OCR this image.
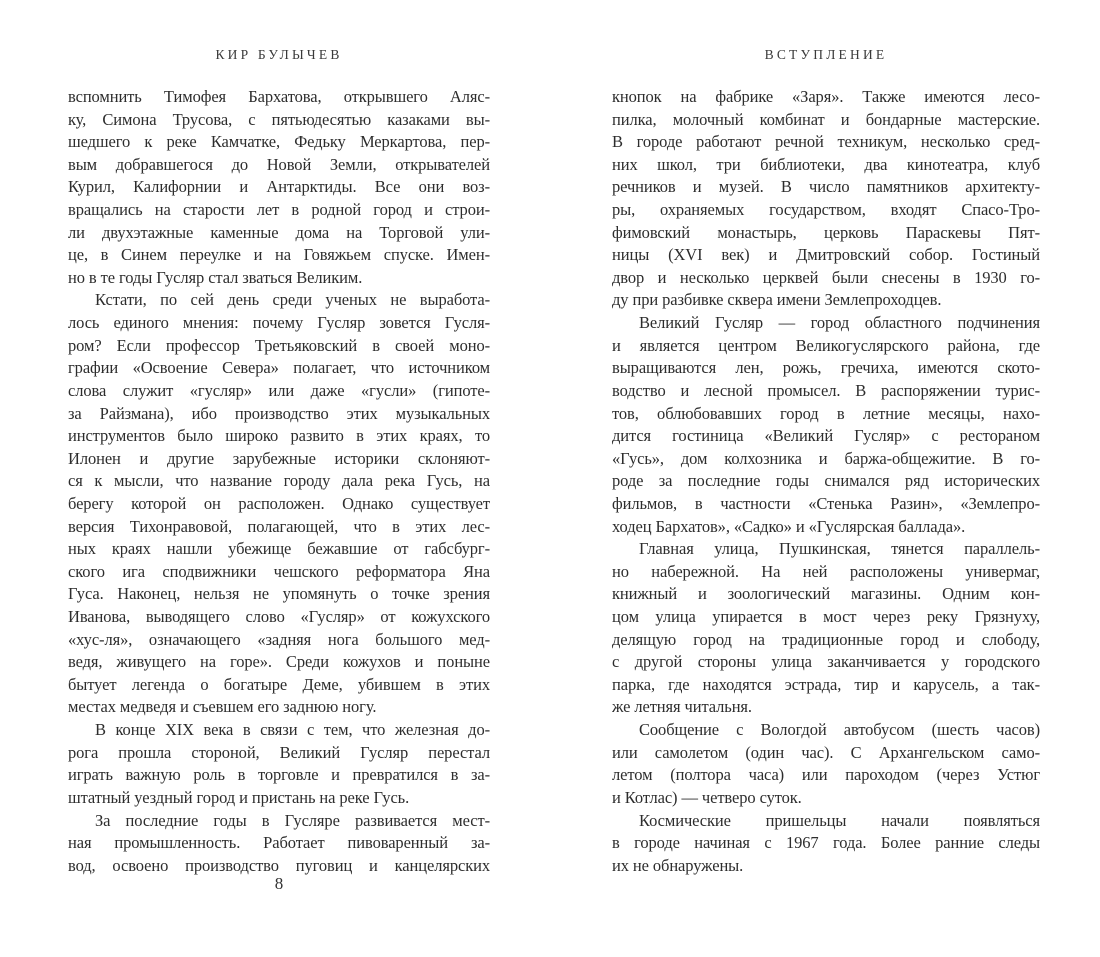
КИР БУЛЫЧЕВ
вспомнить Тимофея Бархатова, открывшего Аляс-
ку, Симона Трусова, с пятьюдесятью казаками вы-
шедшего к реке Камчатке, Федьку Меркартова, пер-
вым добравшегося до Новой Земли, открывателей
Курил, Калифорнии и Антарктиды. Все они воз-
вращались на старости лет в родной город и строи-
ли двухэтажные каменные дома на Торговой ули-
це, в Синем переулке и на Говяжьем спуске. Имен-
но в те годы Гусляр стал зваться Великим.
Кстати, по сей день среди ученых не выработа-
лось единого мнения: почему Гусляр зовется Гусля-
ром? Если профессор Третьяковский в своей моно-
графии «Освоение Севера» полагает, что источником
слова служит «гусляр» или даже «гусли» (гипоте-
за Райзмана), ибо производство этих музыкальных
инструментов было широко развито в этих краях, то
Илонен и другие зарубежные историки склоняют-
ся к мысли, что название городу дала река Гусь, на
берегу которой он расположен. Однако существует
версия Тихонравовой, полагающей, что в этих лес-
ных краях нашли убежище бежавшие от габсбург-
ского ига сподвижники чешского реформатора Яна
Гуса. Наконец, нельзя не упомянуть о точке зрения
Иванова, выводящего слово «Гусляр» от кожухского
«хус-ля», означающего «задняя нога большого мед-
ведя, живущего на горе». Среди кожухов и поныне
бытует легенда о богатыре Деме, убившем в этих
местах медведя и съевшем его заднюю ногу.
В конце XIX века в связи с тем, что железная до-
рога прошла стороной, Великий Гусляр перестал
играть важную роль в торговле и превратился в за-
штатный уездный город и пристань на реке Гусь.
За последние годы в Гусляре развивается мест-
ная промышленность. Работает пивоваренный за-
вод, освоено производство пуговиц и канцелярских
8
ВСТУПЛЕНИЕ
кнопок на фабрике «Заря». Также имеются лесо-
пилка, молочный комбинат и бондарные мастерские.
В городе работают речной техникум, несколько сред-
них школ, три библиотеки, два кинотеатра, клуб
речников и музей. В число памятников архитекту-
ры, охраняемых государством, входят Спасо-Тро-
фимовский монастырь, церковь Параскевы Пят-
ницы (XVI век) и Дмитровский собор. Гостиный
двор и несколько церквей были снесены в 1930 го-
ду при разбивке сквера имени Землепроходцев.
Великий Гусляр — город областного подчинения
и является центром Великогуслярского района, где
выращиваются лен, рожь, гречиха, имеются ското-
водство и лесной промысел. В распоряжении турис-
тов, облюбовавших город в летние месяцы, нахо-
дится гостиница «Великий Гусляр» с рестораном
«Гусь», дом колхозника и баржа-общежитие. В го-
роде за последние годы снимался ряд исторических
фильмов, в частности «Стенька Разин», «Землепро-
ходец Бархатов», «Садко» и «Гуслярская баллада».
Главная улица, Пушкинская, тянется параллель-
но набережной. На ней расположены универмаг,
книжный и зоологический магазины. Одним кон-
цом улица упирается в мост через реку Грязнуху,
делящую город на традиционные город и слободу,
с другой стороны улица заканчивается у городского
парка, где находятся эстрада, тир и карусель, а так-
же летняя читальня.
Сообщение с Вологдой автобусом (шесть часов)
или самолетом (один час). С Архангельском само-
летом (полтора часа) или пароходом (через Устюг
и Котлас) — четверо суток.
Космические пришельцы начали появляться
в городе начиная с 1967 года. Более ранние следы
их не обнаружены.
